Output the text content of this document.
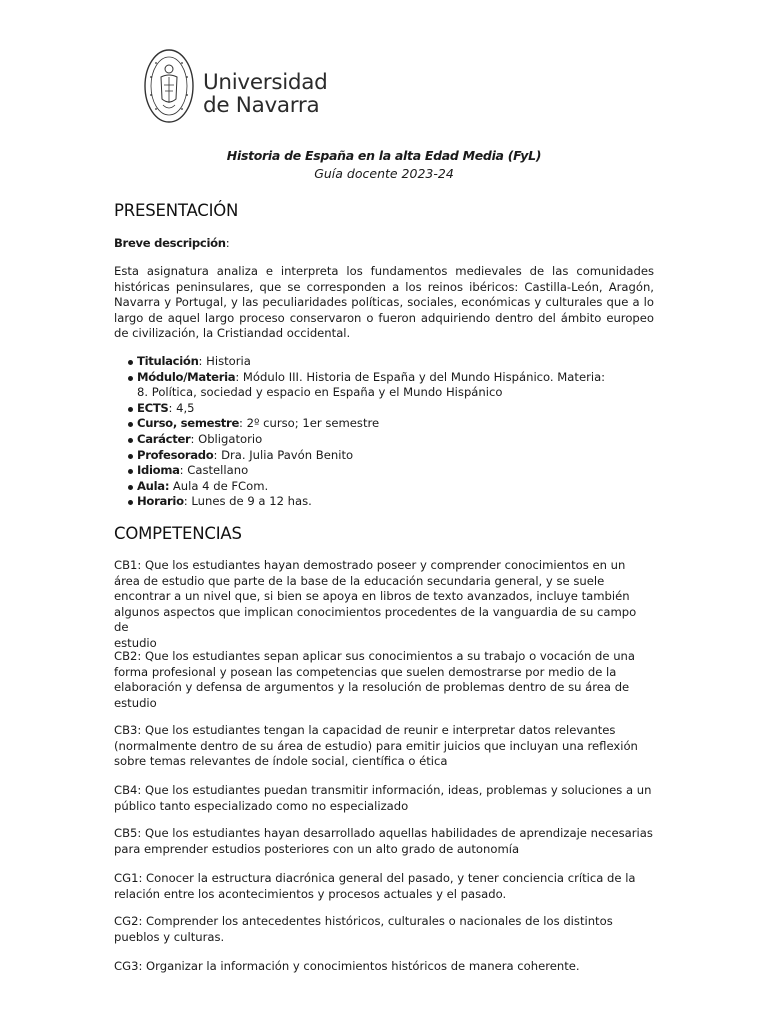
Universidad
de Navarra
Historia de España en la alta Edad Media (FyL)
Guía docente 2023-24
PRESENTACIÓN
Breve descripción:

Esta asignatura analiza e interpreta los fundamentos medievales de las comunidades históricas peninsulares, que se corresponden a los reinos ibéricos: Castilla-León, Aragón, Navarra y Portugal, y las peculiaridades políticas, sociales, económicas y culturales que a lo largo de aquel largo proceso conservaron o fueron adquiriendo dentro del ámbito europeo de civilización, la Cristiandad occidental.

Titulación: Historia
Módulo/Materia: Módulo III. Historia de España y del Mundo Hispánico. Materia:
8. Política, sociedad y espacio en España y el Mundo Hispánico
ECTS: 4,5
Curso, semestre: 2º curso; 1er semestre
Carácter: Obligatorio
Profesorado: Dra. Julia Pavón Benito
Idioma: Castellano
Aula: Aula 4 de FCom.
Horario: Lunes de 9 a 12 has.
COMPETENCIAS
CB1: Que los estudiantes hayan demostrado poseer y comprender conocimientos en un
área de estudio que parte de la base de la educación secundaria general, y se suele
encontrar a un nivel que, si bien se apoya en libros de texto avanzados, incluye también
algunos aspectos que implican conocimientos procedentes de la vanguardia de su campo de
estudio
CB2: Que los estudiantes sepan aplicar sus conocimientos a su trabajo o vocación de una
forma profesional y posean las competencias que suelen demostrarse por medio de la
elaboración y defensa de argumentos y la resolución de problemas dentro de su área de
estudio
CB3: Que los estudiantes tengan la capacidad de reunir e interpretar datos relevantes
(normalmente dentro de su área de estudio) para emitir juicios que incluyan una reflexión
sobre temas relevantes de índole social, científica o ética
CB4: Que los estudiantes puedan transmitir información, ideas, problemas y soluciones a un
público tanto especializado como no especializado
CB5: Que los estudiantes hayan desarrollado aquellas habilidades de aprendizaje necesarias
para emprender estudios posteriores con un alto grado de autonomía
CG1: Conocer la estructura diacrónica general del pasado, y tener conciencia crítica de la
relación entre los acontecimientos y procesos actuales y el pasado.
CG2: Comprender los antecedentes históricos, culturales o nacionales de los distintos
pueblos y culturas.
CG3: Organizar la información y conocimientos históricos de manera coherente.
